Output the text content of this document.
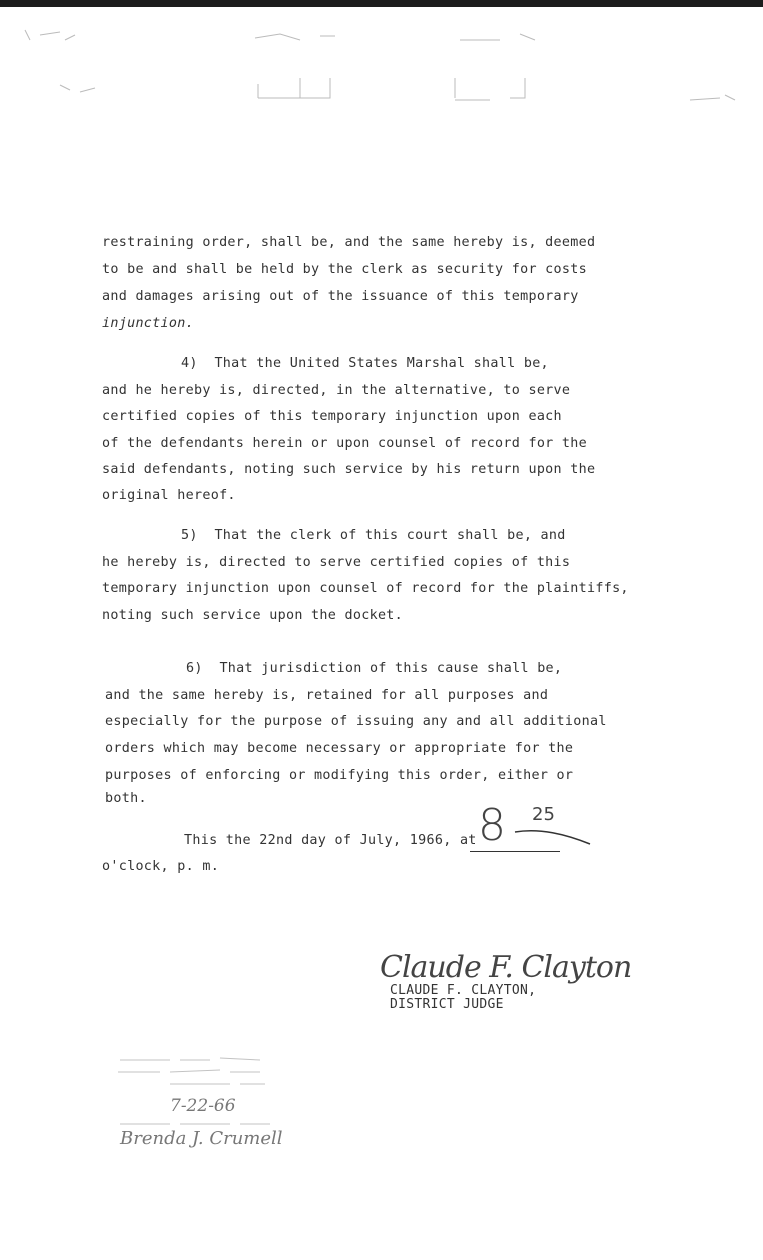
restraining order, shall be, and the same hereby is, deemed
to be and shall be held by the clerk as security for costs
and damages arising out of the issuance of this temporary
injunction.
4)  That the United States Marshal shall be,
and he hereby is, directed, in the alternative, to serve
certified copies of this temporary injunction upon each
of the defendants herein or upon counsel of record for the
said defendants, noting such service by his return upon the
original hereof.
5)  That the clerk of this court shall be, and
he hereby is, directed to serve certified copies of this
temporary injunction upon counsel of record for the plaintiffs,
noting such service upon the docket.
6)  That jurisdiction of this cause shall be,
and the same hereby is, retained for all purposes and
especially for the purpose of issuing any and all additional
orders which may become necessary or appropriate for the
purposes of enforcing or modifying this order, either or
both.
This the 22nd day of July, 1966, at 8 25
o'clock, p. m.
Claude F. Clayton
CLAUDE F. CLAYTON,
DISTRICT JUDGE
7-22-66
Brenda J. Crumell
